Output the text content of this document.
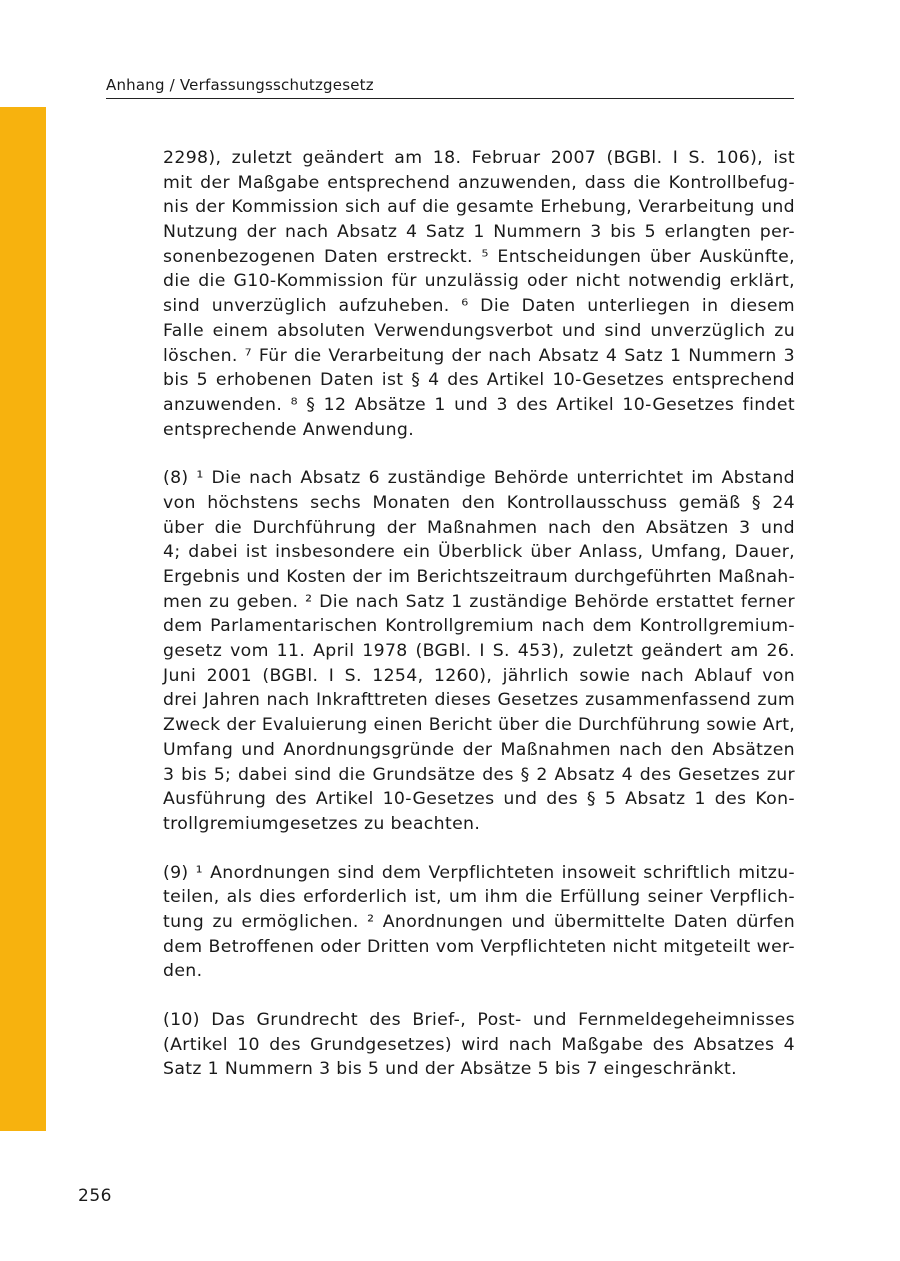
Anhang / Verfassungsschutzgesetz
2298), zuletzt geändert am 18. Februar 2007 (BGBl. I S. 106), ist
mit der Maßgabe entsprechend anzuwenden, dass die Kontrollbefug-
nis der Kommission sich auf die gesamte Erhebung, Verarbeitung und
Nutzung der nach Absatz 4 Satz 1 Nummern 3 bis 5 erlangten per-
sonenbezogenen Daten erstreckt. ⁵ Entscheidungen über Auskünfte,
die die G10-Kommission für unzulässig oder nicht notwendig erklärt,
sind unverzüglich aufzuheben. ⁶ Die Daten unterliegen in diesem
Falle einem absoluten Verwendungsverbot und sind unverzüglich zu
löschen. ⁷ Für die Verarbeitung der nach Absatz 4 Satz 1 Nummern 3
bis 5 erhobenen Daten ist § 4 des Artikel 10-Gesetzes entsprechend
anzuwenden. ⁸ § 12 Absätze 1 und 3 des Artikel 10-Gesetzes findet
entsprechende Anwendung.
(8) ¹ Die nach Absatz 6 zuständige Behörde unterrichtet im Abstand
von höchstens sechs Monaten den Kontrollausschuss gemäß § 24
über die Durchführung der Maßnahmen nach den Absätzen 3 und
4; dabei ist insbesondere ein Überblick über Anlass, Umfang, Dauer,
Ergebnis und Kosten der im Berichtszeitraum durchgeführten Maßnah-
men zu geben. ² Die nach Satz 1 zuständige Behörde erstattet ferner
dem Parlamentarischen Kontrollgremium nach dem Kontrollgremium-
gesetz vom 11. April 1978 (BGBl. I S. 453), zuletzt geändert am 26.
Juni 2001 (BGBl. I S. 1254, 1260), jährlich sowie nach Ablauf von
drei Jahren nach Inkrafttreten dieses Gesetzes zusammenfassend zum
Zweck der Evaluierung einen Bericht über die Durchführung sowie Art,
Umfang und Anordnungsgründe der Maßnahmen nach den Absätzen
3 bis 5; dabei sind die Grundsätze des § 2 Absatz 4 des Gesetzes zur
Ausführung des Artikel 10-Gesetzes und des § 5 Absatz 1 des Kon-
trollgremiumgesetzes zu beachten.
(9) ¹ Anordnungen sind dem Verpflichteten insoweit schriftlich mitzu-
teilen, als dies erforderlich ist, um ihm die Erfüllung seiner Verpflich-
tung zu ermöglichen. ² Anordnungen und übermittelte Daten dürfen
dem Betroffenen oder Dritten vom Verpflichteten nicht mitgeteilt wer-
den.
(10) Das Grundrecht des Brief-, Post- und Fernmeldegeheimnisses
(Artikel 10 des Grundgesetzes) wird nach Maßgabe des Absatzes 4
Satz 1 Nummern 3 bis 5 und der Absätze 5 bis 7 eingeschränkt.
256
